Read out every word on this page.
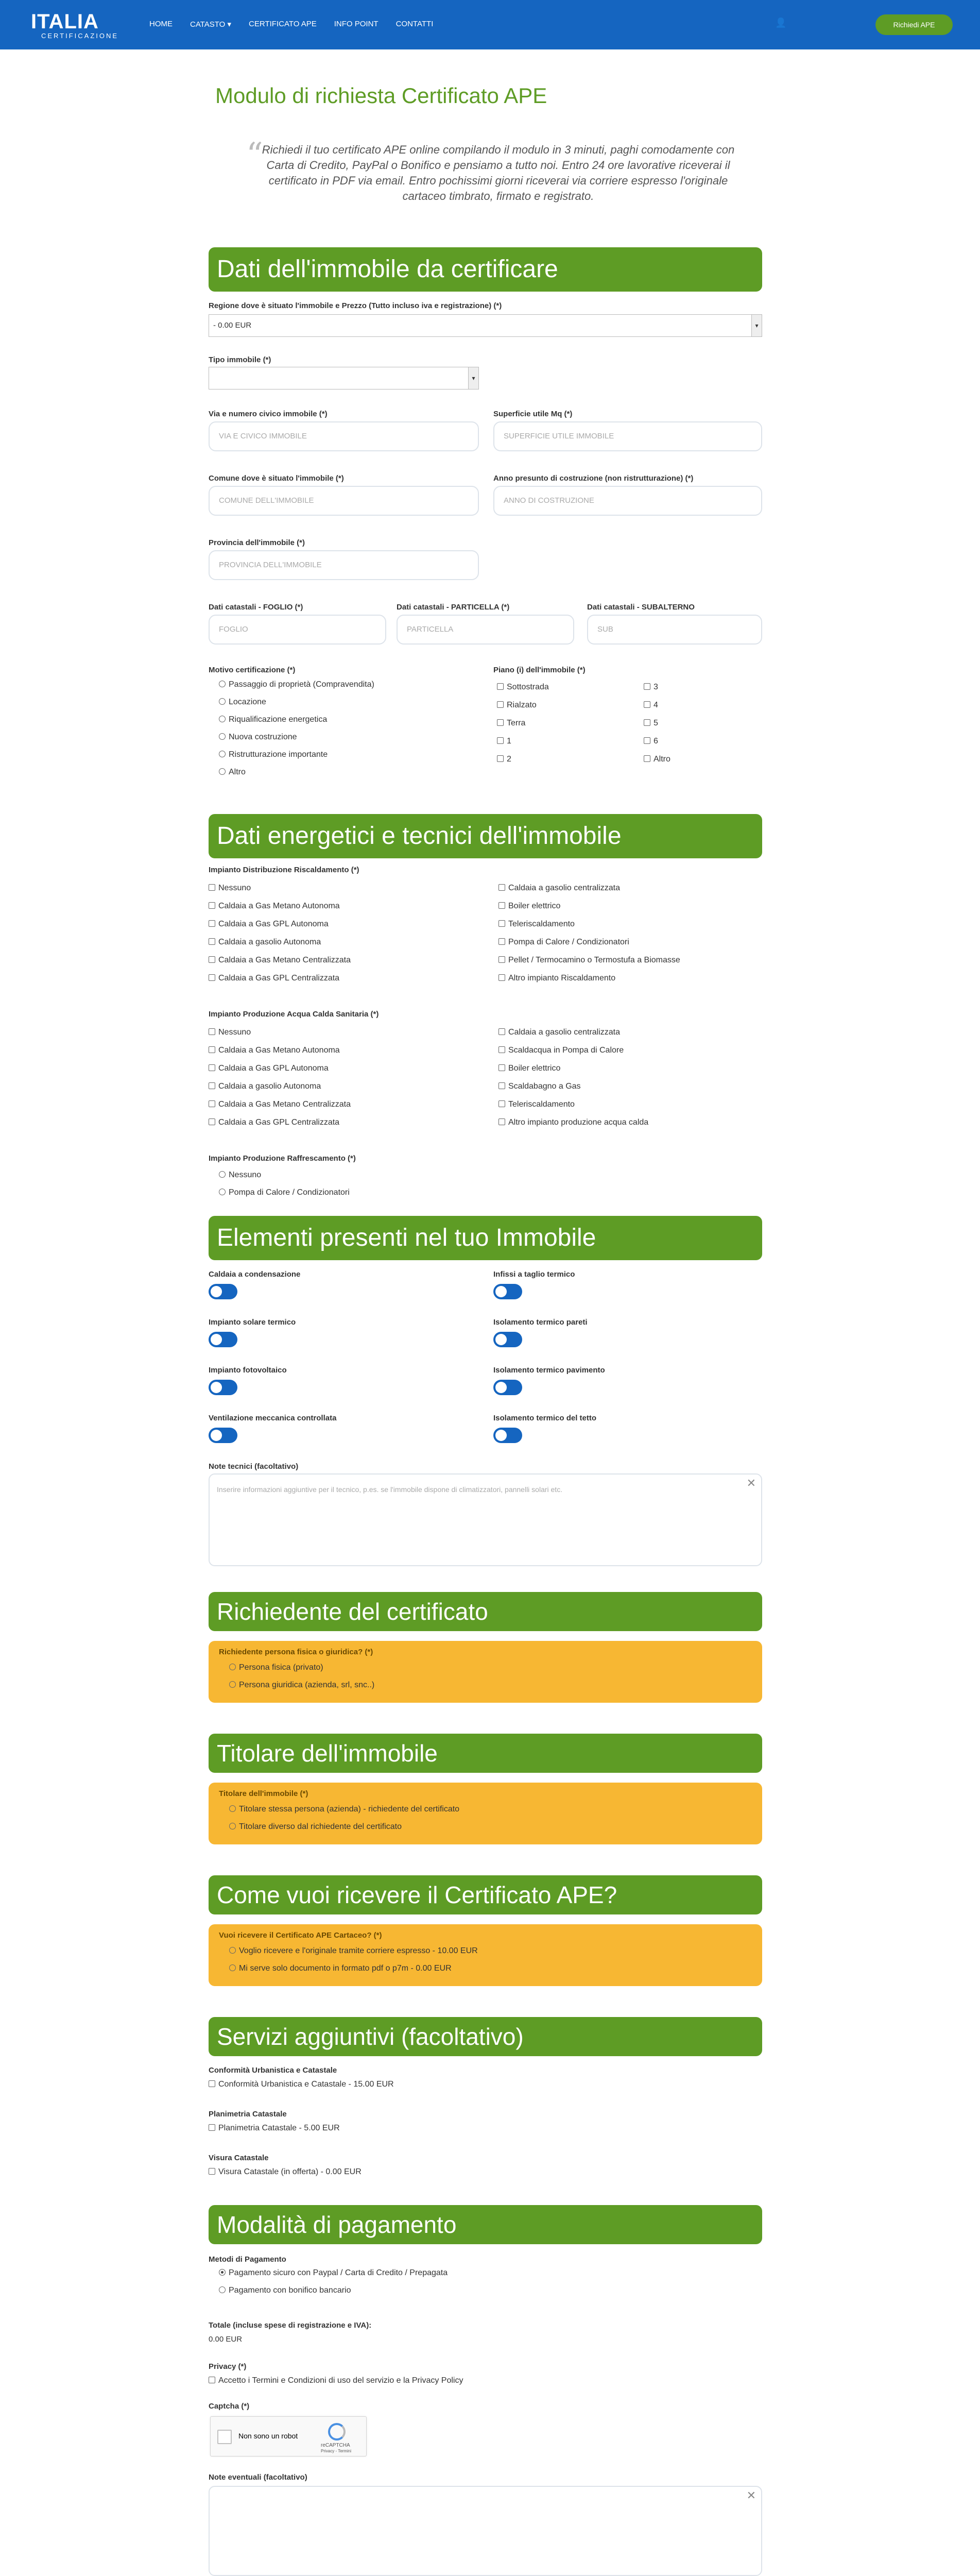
ITALIA
CERTIFICAZIONE
HOME CATASTO ▾ CERTIFICATO APE INFO POINT CONTATTI	👤	Richiedi APE
Modulo di richiesta Certificato APE
“
Richiedi il tuo certificato APE online compilando il modulo in 3 minuti, paghi comodamente con Carta di Credito, PayPal o Bonifico e pensiamo a tutto noi. Entro 24 ore lavorative riceverai il certificato in PDF via email. Entro pochissimi giorni riceverai via corriere espresso l'originale cartaceo timbrato, firmato e registrato.
Dati dell'immobile da certificare
Regione dove è situato l'immobile e Prezzo (Tutto incluso iva e registrazione) (*)
- 0.00 EUR	▾
Tipo immobile (*)
▾
Via e numero civico immobile (*)
VIA E CIVICO IMMOBILE
Superficie utile Mq (*)
SUPERFICIE UTILE IMMOBILE
Comune dove è situato l'immobile (*)
COMUNE DELL'IMMOBILE
Anno presunto di costruzione (non ristrutturazione) (*)
ANNO DI COSTRUZIONE
Provincia dell'immobile (*)
PROVINCIA DELL'IMMOBILE
Dati catastali - FOGLIO (*)
FOGLIO
Dati catastali - PARTICELLA (*)
PARTICELLA
Dati catastali - SUBALTERNO
SUB
Motivo certificazione (*)
Passaggio di proprietà (Compravendita)
Locazione
Riqualificazione energetica
Nuova costruzione
Ristrutturazione importante
Altro
Piano (i) dell'immobile (*)
Sottostrada
Rialzato
Terra
1
2
3
4
5
6
Altro
Dati energetici e tecnici dell'immobile
Impianto Distribuzione Riscaldamento (*)
Nessuno
Caldaia a Gas Metano Autonoma
Caldaia a Gas GPL Autonoma
Caldaia a gasolio Autonoma
Caldaia a Gas Metano Centralizzata
Caldaia a Gas GPL Centralizzata
Caldaia a gasolio centralizzata
Boiler elettrico
Teleriscaldamento
Pompa di Calore / Condizionatori
Pellet / Termocamino o Termostufa a Biomasse
Altro impianto Riscaldamento
Impianto Produzione Acqua Calda Sanitaria (*)
Nessuno
Caldaia a Gas Metano Autonoma
Caldaia a Gas GPL Autonoma
Caldaia a gasolio Autonoma
Caldaia a Gas Metano Centralizzata
Caldaia a Gas GPL Centralizzata
Caldaia a gasolio centralizzata
Scaldacqua in Pompa di Calore
Boiler elettrico
Scaldabagno a Gas
Teleriscaldamento
Altro impianto produzione acqua calda
Impianto Produzione Raffrescamento (*)
Nessuno
Pompa di Calore / Condizionatori
Elementi presenti nel tuo Immobile
Caldaia a condensazione
Impianto solare termico
Impianto fotovoltaico
Ventilazione meccanica controllata
Infissi a taglio termico
Isolamento termico pareti
Isolamento termico pavimento
Isolamento termico del tetto
Note tecnici (facoltativo)
Inserire informazioni aggiuntive per il tecnico, p.es. se l'immobile dispone di climatizzatori, pannelli solari etc.	✕
Richiedente del certificato
Richiedente persona fisica o giuridica? (*)
Persona fisica (privato)
Persona giuridica (azienda, srl, snc..)
Titolare dell'immobile
Titolare dell'immobile (*)
Titolare stessa persona (azienda) - richiedente del certificato
Titolare diverso dal richiedente del certificato
Come vuoi ricevere il Certificato APE?
Vuoi ricevere il Certificato APE Cartaceo? (*)
Voglio ricevere e l'originale tramite corriere espresso - 10.00 EUR
Mi serve solo documento in formato pdf o p7m - 0.00 EUR
Servizi aggiuntivi (facoltativo)
Conformità Urbanistica e Catastale
Conformità Urbanistica e Catastale - 15.00 EUR
Planimetria Catastale
Planimetria Catastale - 5.00 EUR
Visura Catastale
Visura Catastale (in offerta) - 0.00 EUR
Modalità di pagamento
Metodi di Pagamento
Pagamento sicuro con Paypal / Carta di Credito / Prepagata
Pagamento con bonifico bancario
Totale (incluse spese di registrazione e IVA):
0.00 EUR
Privacy (*)
Accetto i Termini e Condizioni di uso del servizio e la Privacy Policy
Captcha (*)
Non sono un robot
reCAPTCHA
Privacy - Termini
Note eventuali (facoltativo)
✕
